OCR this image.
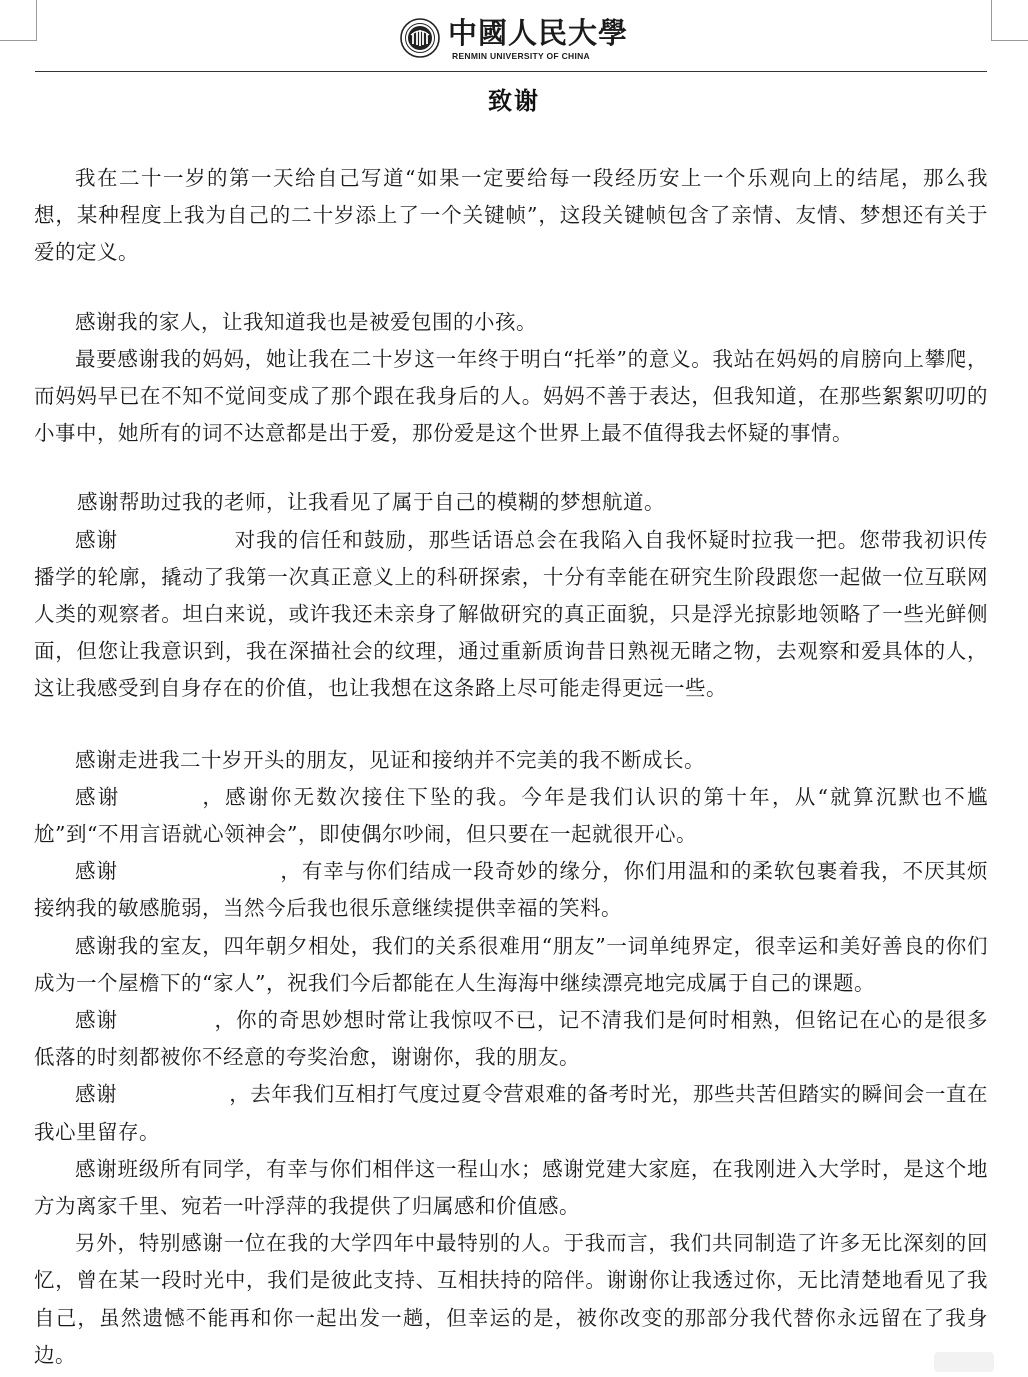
中國人民大學
RENMIN UNIVERSITY OF CHINA
致谢

我在二十一岁的第一天给自己写道“如果一定要给每一段经历安上一个乐观向上的结尾，那么我想，某种程度上我为自己的二十岁添上了一个关键帧”，这段关键帧包含了亲情、友情、梦想还有关于爱的定义。

感谢我的家人，让我知道我也是被爱包围的小孩。

最要感谢我的妈妈，她让我在二十岁这一年终于明白“托举”的意义。我站在妈妈的肩膀向上攀爬，而妈妈早已在不知不觉间变成了那个跟在我身后的人。妈妈不善于表达，但我知道，在那些絮絮叨叨的小事中，她所有的词不达意都是出于爱，那份爱是这个世界上最不值得我去怀疑的事情。

感谢帮助过我的老师，让我看见了属于自己的模糊的梦想航道。

感谢	对我的信任和鼓励，那些话语总会在我陷入自我怀疑时拉我一把。您带我初识传播学的轮廓，撬动了我第一次真正意义上的科研探索，十分有幸能在研究生阶段跟您一起做一位互联网人类的观察者。坦白来说，或许我还未亲身了解做研究的真正面貌，只是浮光掠影地领略了一些光鲜侧面，但您让我意识到，我在深描社会的纹理，通过重新质询昔日熟视无睹之物，去观察和爱具体的人，这让我感受到自身存在的价值，也让我想在这条路上尽可能走得更远一些。

感谢走进我二十岁开头的朋友，见证和接纳并不完美的我不断成长。

感谢	，感谢你无数次接住下坠的我。今年是我们认识的第十年，从“就算沉默也不尴尬”到“不用言语就心领神会”，即使偶尔吵闹，但只要在一起就很开心。

感谢	，有幸与你们结成一段奇妙的缘分，你们用温和的柔软包裹着我，不厌其烦接纳我的敏感脆弱，当然今后我也很乐意继续提供幸福的笑料。

感谢我的室友，四年朝夕相处，我们的关系很难用“朋友”一词单纯界定，很幸运和美好善良的你们成为一个屋檐下的“家人”，祝我们今后都能在人生海海中继续漂亮地完成属于自己的课题。

感谢	，你的奇思妙想时常让我惊叹不已，记不清我们是何时相熟，但铭记在心的是很多低落的时刻都被你不经意的夸奖治愈，谢谢你，我的朋友。

感谢	，去年我们互相打气度过夏令营艰难的备考时光，那些共苦但踏实的瞬间会一直在我心里留存。

感谢班级所有同学，有幸与你们相伴这一程山水；感谢党建大家庭，在我刚进入大学时，是这个地方为离家千里、宛若一叶浮萍的我提供了归属感和价值感。

另外，特别感谢一位在我的大学四年中最特别的人。于我而言，我们共同制造了许多无比深刻的回忆，曾在某一段时光中，我们是彼此支持、互相扶持的陪伴。谢谢你让我透过你，无比清楚地看见了我自己，虽然遗憾不能再和你一起出发一趟，但幸运的是，被你改变的那部分我代替你永远留在了我身边。
